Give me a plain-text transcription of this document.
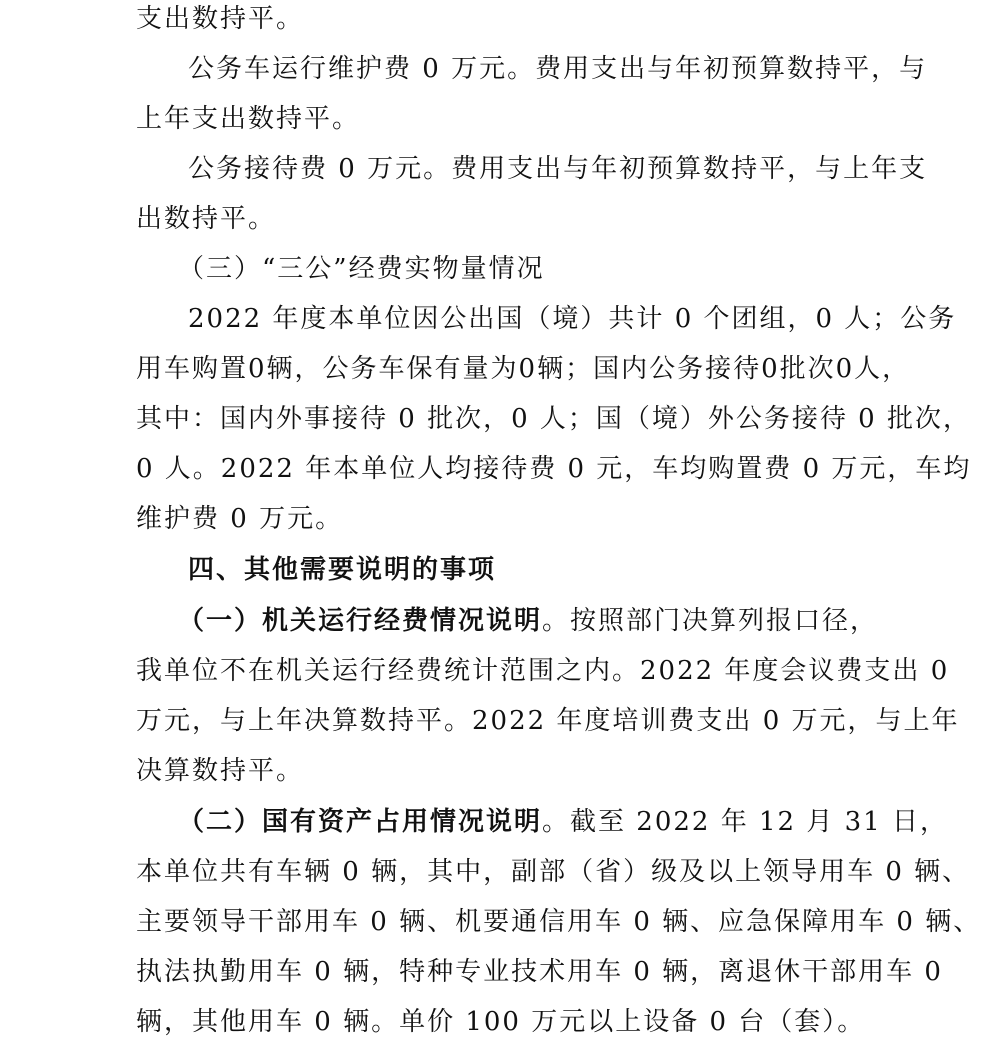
支出数持平。
公务车运行维护费 0 万元。费用支出与年初预算数持平，与
上年支出数持平。
公务接待费 0 万元。费用支出与年初预算数持平，与上年支
出数持平。
（三）“三公”经费实物量情况
2022 年度本单位因公出国（境）共计 0 个团组，0 人；公务
用车购置0辆，公务车保有量为0辆；国内公务接待0批次0人，
其中：国内外事接待 0 批次，0 人；国（境）外公务接待 0 批次，
0 人。2022 年本单位人均接待费 0 元，车均购置费 0 万元，车均
维护费 0 万元。
四、其他需要说明的事项
（一）机关运行经费情况说明。按照部门决算列报口径，
我单位不在机关运行经费统计范围之内。2022 年度会议费支出 0
万元，与上年决算数持平。2022 年度培训费支出 0 万元，与上年
决算数持平。
（二）国有资产占用情况说明。截至 2022 年 12 月 31 日，
本单位共有车辆 0 辆，其中，副部（省）级及以上领导用车 0 辆、
主要领导干部用车 0 辆、机要通信用车 0 辆、应急保障用车 0 辆、
执法执勤用车 0 辆，特种专业技术用车 0 辆，离退休干部用车 0
辆，其他用车 0 辆。单价 100 万元以上设备 0 台（套）。
